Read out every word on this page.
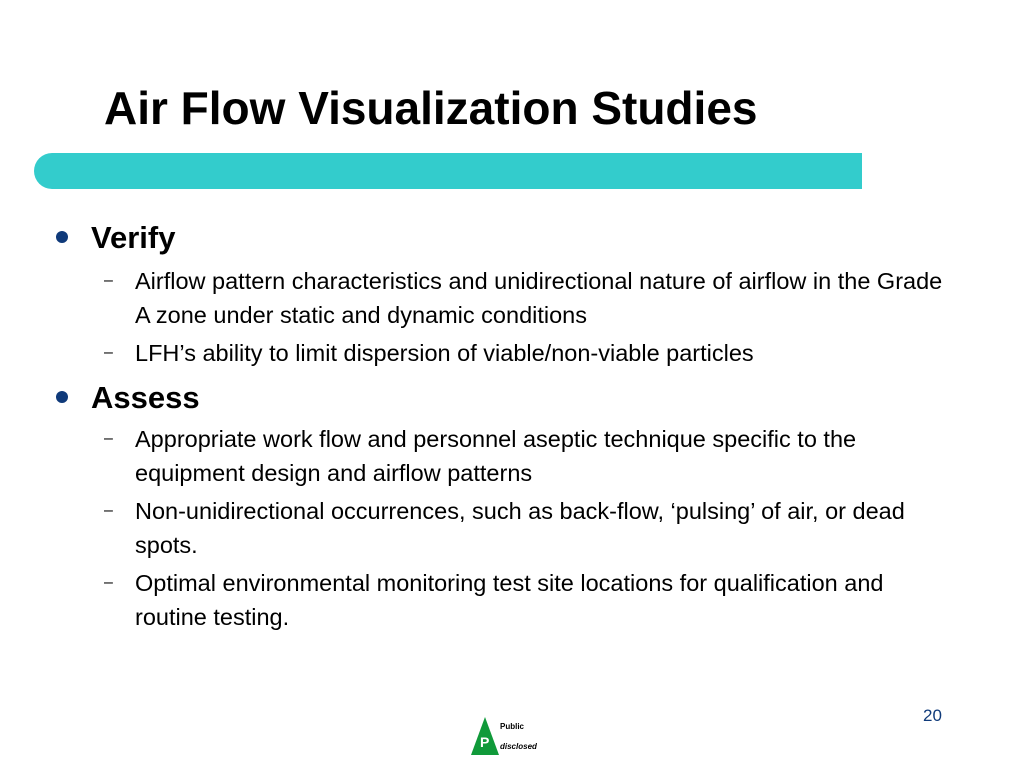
Air Flow Visualization Studies
Verify
– Airflow pattern characteristics and unidirectional nature of airflow in the Grade A zone under static and dynamic conditions
– LFH’s ability to limit dispersion of viable/non-viable particles
Assess
– Appropriate work flow and personnel aseptic technique specific to the equipment design and airflow patterns
– Non-unidirectional occurrences, such as back-flow, ‘pulsing’ of air, or dead spots.
– Optimal environmental monitoring test site locations for qualification and routine testing.
20
P
Public
disclosed
